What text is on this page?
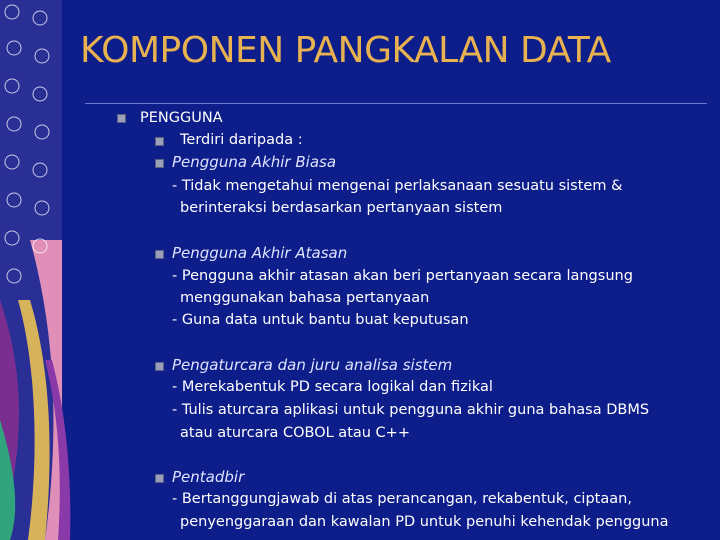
KOMPONEN PANGKALAN DATA
PENGGUNA
Terdiri daripada :
Pengguna Akhir Biasa
- Tidak mengetahui mengenai perlaksanaan sesuatu sistem &
berinteraksi berdasarkan pertanyaan sistem
Pengguna Akhir Atasan
- Pengguna akhir atasan akan beri pertanyaan secara langsung
menggunakan bahasa pertanyaan
- Guna data untuk bantu buat keputusan
Pengaturcara dan juru analisa sistem
- Merekabentuk PD secara logikal dan fizikal
- Tulis aturcara aplikasi untuk pengguna akhir guna bahasa DBMS
atau aturcara COBOL atau C++
Pentadbir
- Bertanggungjawab di atas perancangan, rekabentuk, ciptaan,
penyenggaraan dan kawalan PD untuk penuhi kehendak pengguna
